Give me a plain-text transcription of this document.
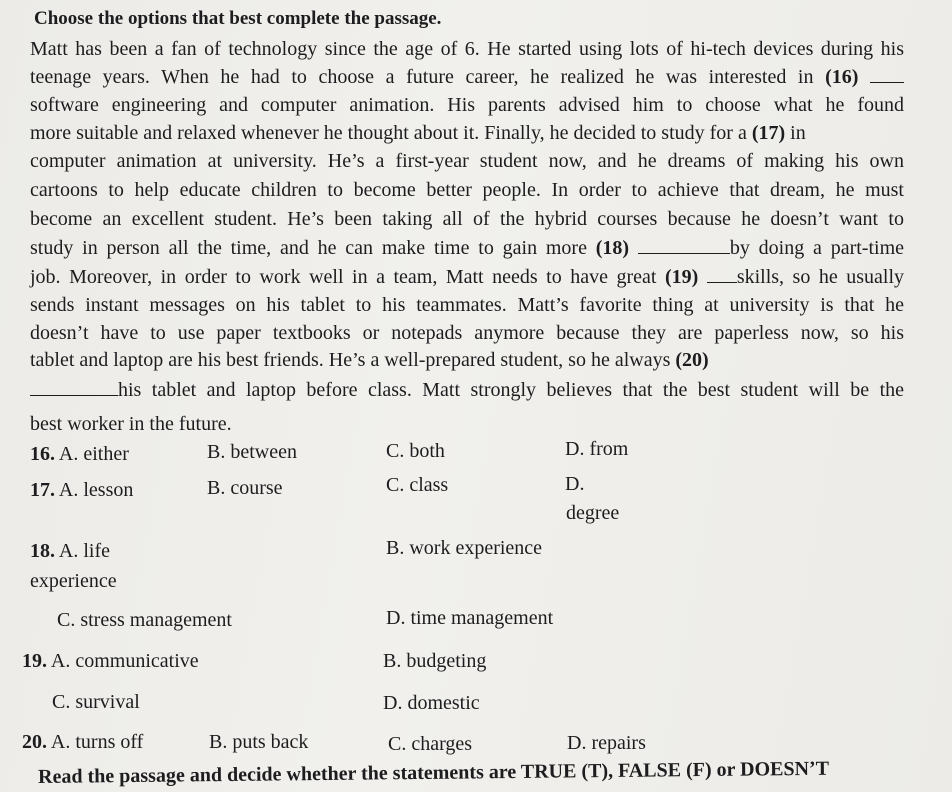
Choose the options that best complete the passage.
Matt has been a fan of technology since the age of 6. He started using lots of hi-tech devices during his
teenage years. When he had to choose a future career, he realized he was interested in (16)
software engineering and computer animation. His parents advised him to choose what he found
more suitable and relaxed whenever he thought about it. Finally, he decided to study for a (17) in
computer animation at university. He’s a first-year student now, and he dreams of making his own
cartoons to help educate children to become better people. In order to achieve that dream, he must
become an excellent student. He’s been taking all of the hybrid courses because he doesn’t want to
study in person all the time, and he can make time to gain more (18)	by doing a part-time
job. Moreover, in order to work well in a team, Matt needs to have great (19) skills, so he usually
sends instant messages on his tablet to his teammates. Matt’s favorite thing at university is that he
doesn’t have to use paper textbooks or notepads anymore because they are paperless now, so his
tablet and laptop are his best friends. He’s a well-prepared student, so he always (20)
his tablet and laptop before class. Matt strongly believes that the best student will be the
best worker in the future.
16. A. either	B. between	C. both	D. from
17. A. lesson	B. course	C. class	D.
degree
18. A. life
experience
B. work experience
C. stress management	D. time management
19. A. communicative	B. budgeting
C. survival	D. domestic
20. A. turns off	B. puts back	C. charges	D. repairs
Read the passage and decide whether the statements are TRUE (T), FALSE (F) or DOESN’T
